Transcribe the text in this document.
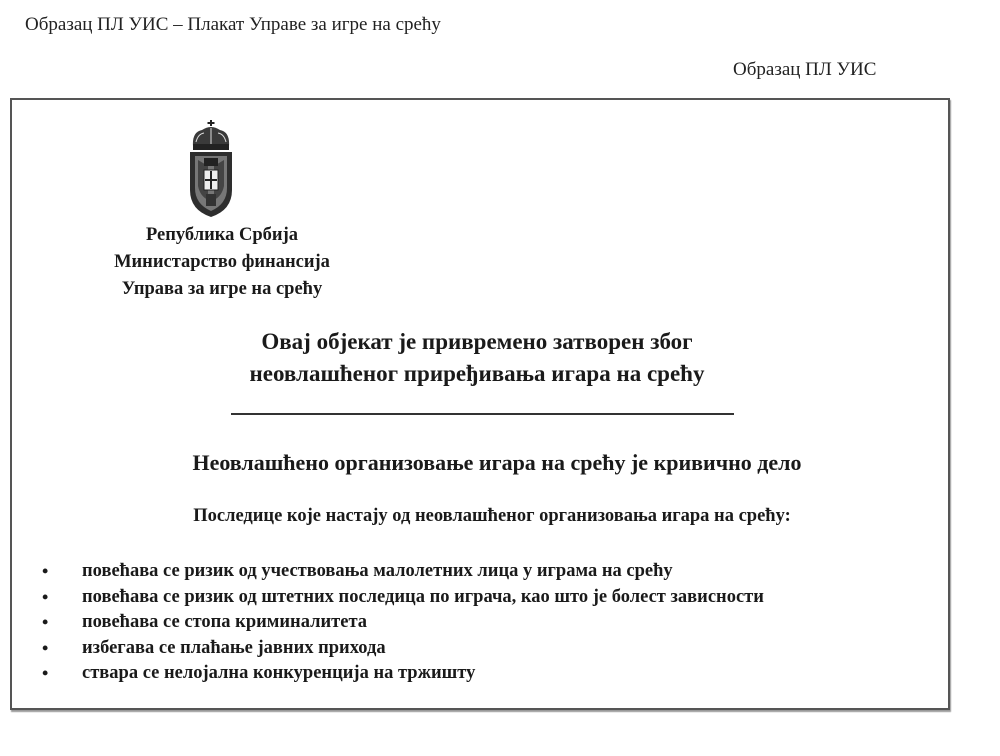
Образац ПЛ УИС – Плакат Управе за игре на срећу
Образац ПЛ УИС
Република Србија
Министарство финансија
Управа за игре на срећу
Овај објекат је привремено затворен због
неовлашћеног приређивања игара на срећу
Неовлашћено организовање игара на срећу је кривично дело
Последице које настају од неовлашћеног организовања игара на срећу:
• повећава се ризик од учествовања малолетних лица у играма на срећу
• повећава се ризик од штетних последица по играча, као што је болест зависности
• повећава се стопа криминалитета
• избегава се плаћање јавних прихода
• ствара се нелојална конкуренција на тржишту
